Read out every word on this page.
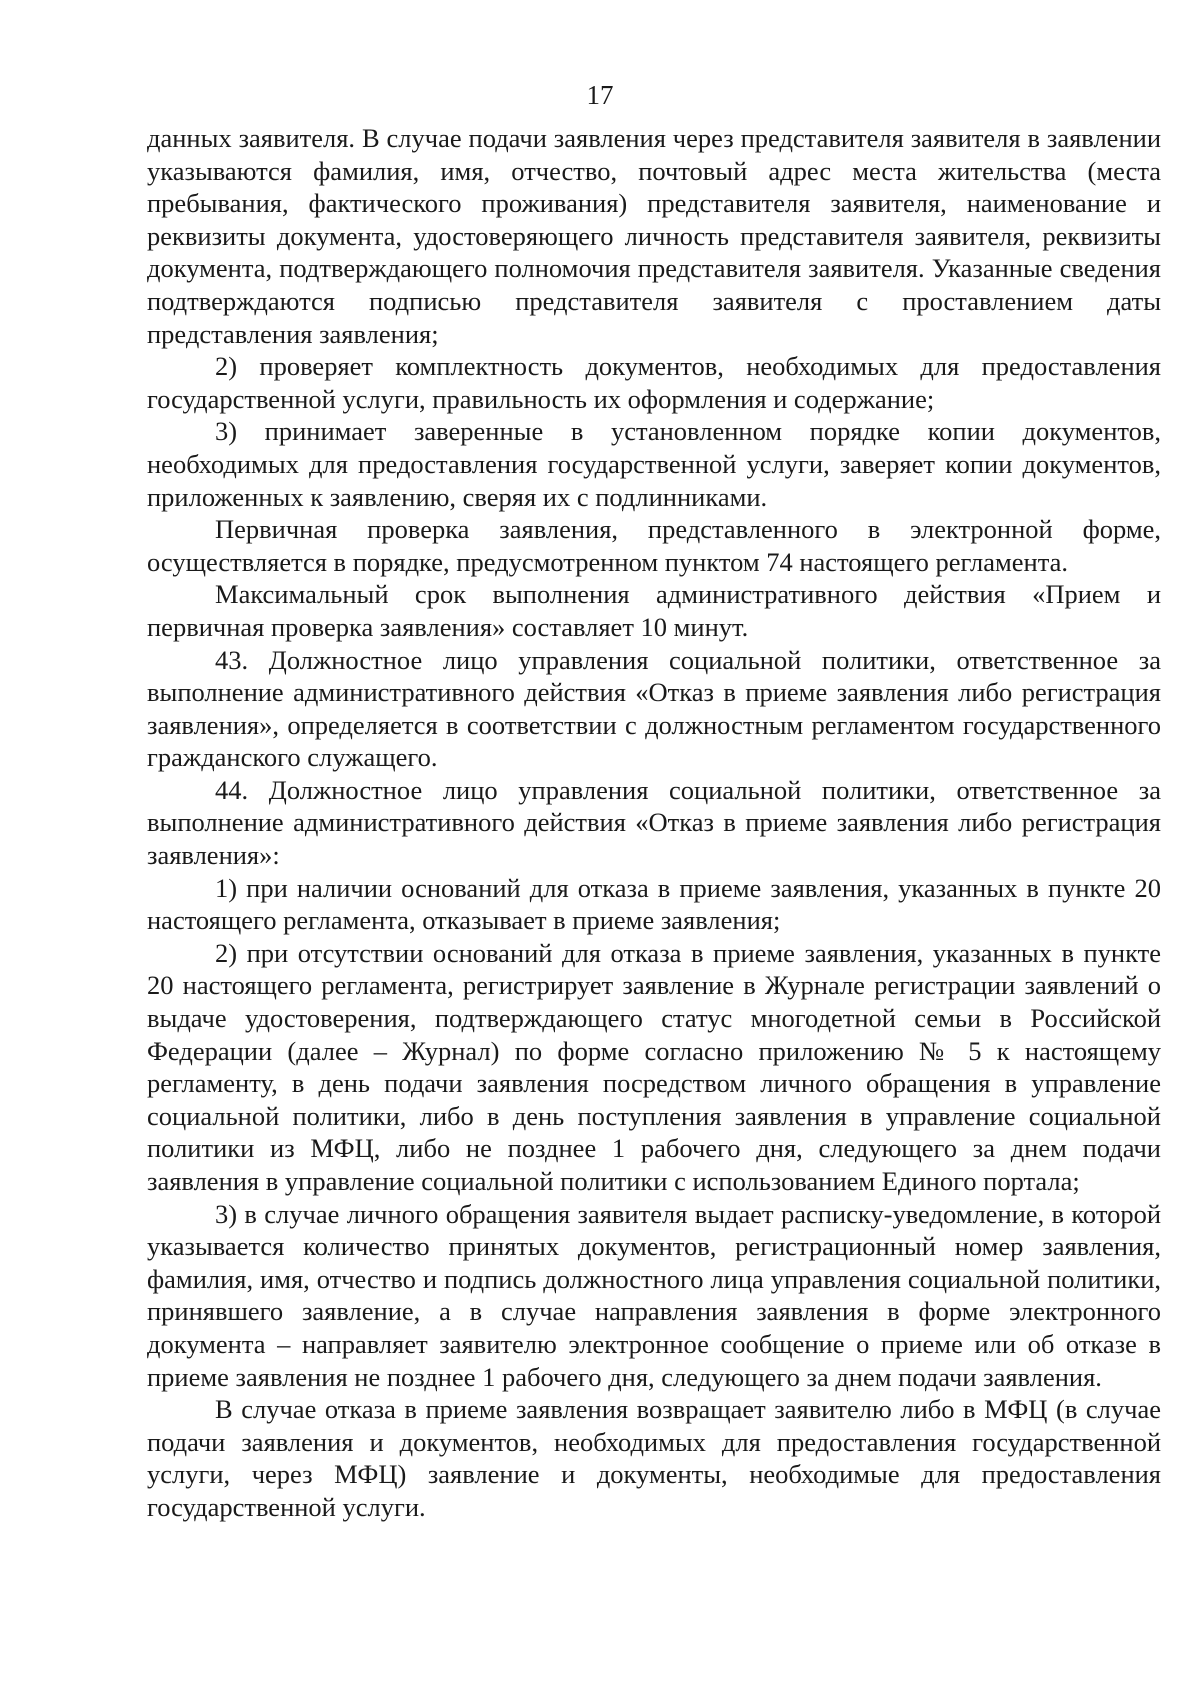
17

данных заявителя. В случае подачи заявления через представителя заявителя в заявлении указываются фамилия, имя, отчество, почтовый адрес места жительства (места пребывания, фактического проживания) представителя заявителя, наименование и реквизиты документа, удостоверяющего личность представителя заявителя, реквизиты документа, подтверждающего полномочия представителя заявителя. Указанные сведения подтверждаются подписью представителя заявителя с проставлением даты представления заявления;

2) проверяет комплектность документов, необходимых для предоставления государственной услуги, правильность их оформления и содержание;

3) принимает заверенные в установленном порядке копии документов, необходимых для предоставления государственной услуги, заверяет копии документов, приложенных к заявлению, сверяя их с подлинниками.

Первичная проверка заявления, представленного в электронной форме, осуществляется в порядке, предусмотренном пунктом 74 настоящего регламента.

Максимальный срок выполнения административного действия «Прием и первичная проверка заявления» составляет 10 минут.

43. Должностное лицо управления социальной политики, ответственное за выполнение административного действия «Отказ в приеме заявления либо регистрация заявления», определяется в соответствии с должностным регламентом государственного гражданского служащего.

44. Должностное лицо управления социальной политики, ответственное за выполнение административного действия «Отказ в приеме заявления либо регистрация заявления»:

1) при наличии оснований для отказа в приеме заявления, указанных в пункте 20 настоящего регламента, отказывает в приеме заявления;

2) при отсутствии оснований для отказа в приеме заявления, указанных в пункте 20 настоящего регламента, регистрирует заявление в Журнале регистрации заявлений о выдаче удостоверения, подтверждающего статус многодетной семьи в Российской Федерации (далее – Журнал) по форме согласно приложению № 5 к настоящему регламенту, в день подачи заявления посредством личного обращения в управление социальной политики, либо в день поступления заявления в управление социальной политики из МФЦ, либо не позднее 1 рабочего дня, следующего за днем подачи заявления в управление социальной политики с использованием Единого портала;

3) в случае личного обращения заявителя выдает расписку-уведомление, в которой указывается количество принятых документов, регистрационный номер заявления, фамилия, имя, отчество и подпись должностного лица управления социальной политики, принявшего заявление, а в случае направления заявления в форме электронного документа – направляет заявителю электронное сообщение о приеме или об отказе в приеме заявления не позднее 1 рабочего дня, следующего за днем подачи заявления.

В случае отказа в приеме заявления возвращает заявителю либо в МФЦ (в случае подачи заявления и документов, необходимых для предоставления государственной услуги, через МФЦ) заявление и документы, необходимые для предоставления государственной услуги.
